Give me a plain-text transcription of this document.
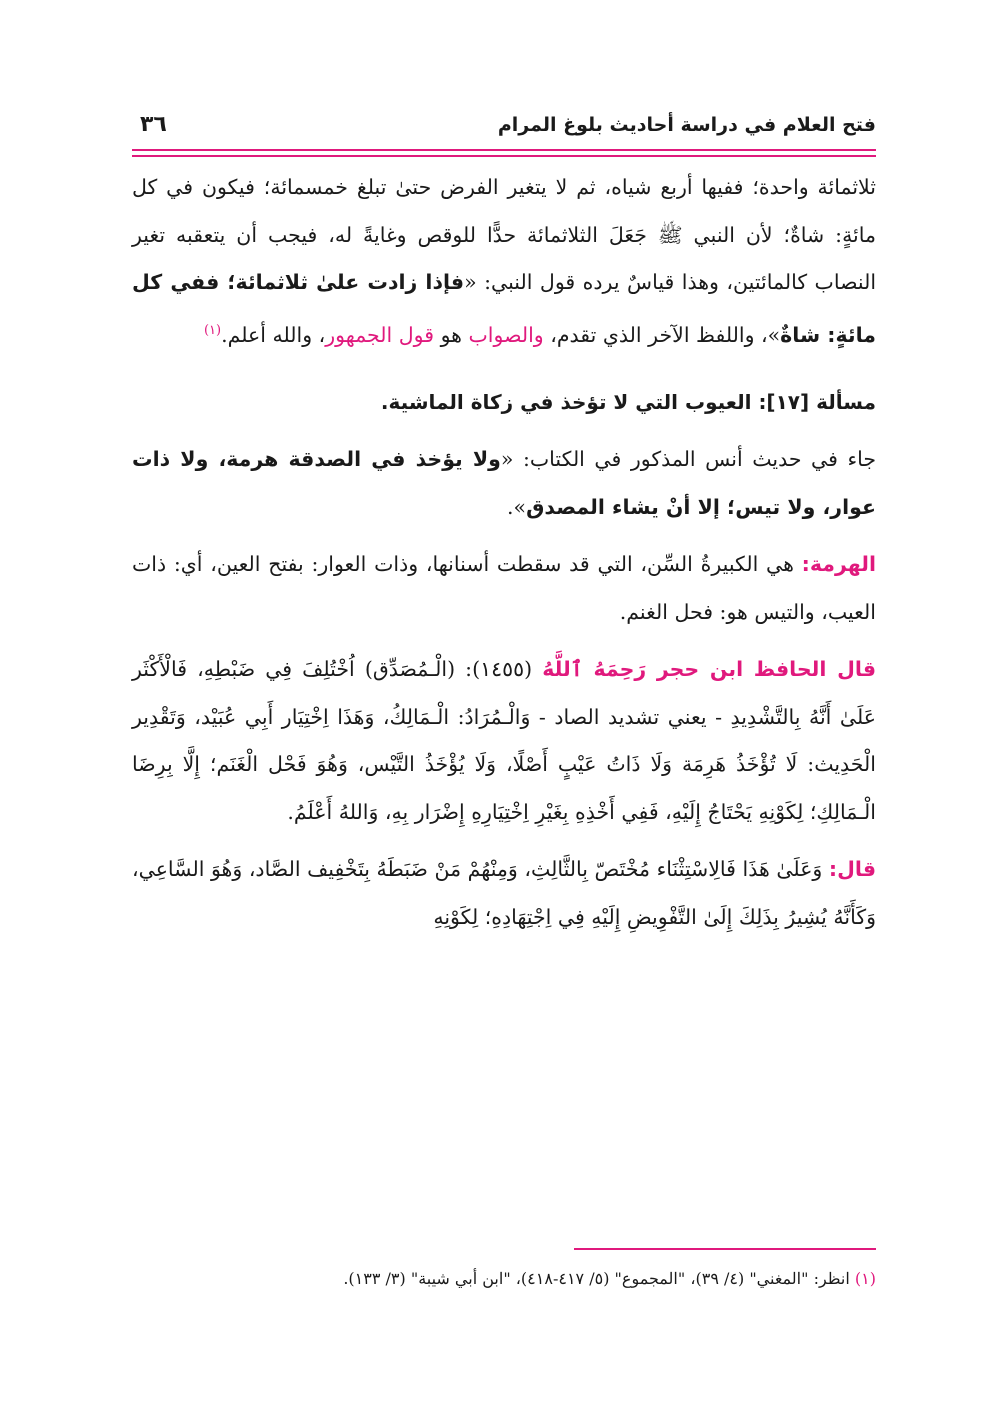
فتح العلام في دراسة أحاديث بلوغ المرام
٣٦

ثلاثمائة واحدة؛ ففيها أربع شياه، ثم لا يتغير الفرض حتىٰ تبلغ خمسمائة؛ فيكون في كل مائةٍ: شاةٌ؛ لأن النبي ﷺ جَعَلَ الثلاثمائة حدًّا للوقص وغايةً له، فيجب أن يتعقبه تغير النصاب كالمائتين، وهذا قياسٌ يرده قول النبي: «فإذا زادت علىٰ ثلاثمائة؛ ففي كل مائةٍ: شاةٌ»، واللفظ الآخر الذي تقدم، والصواب هو قول الجمهور، والله أعلم.$^{(١)}$

مسألة [١٧]: العيوب التي لا تؤخذ في زكاة الماشية.

جاء في حديث أنس المذكور في الكتاب: «ولا يؤخذ في الصدقة هرمة، ولا ذات عوار، ولا تيس؛ إلا أنْ يشاء المصدق».

الهرمة: هي الكبيرةُ السِّن، التي قد سقطت أسنانها، وذات العوار: بفتح العين، أي: ذات العيب، والتيس هو: فحل الغنم.

قال الحافظ ابن حجر رَحِمَهُ ٱللَّهُ (١٤٥٥): (الْـمُصَدِّق) اُخْتُلِفَ فِي ضَبْطِهِ، فَالْأَكْثَر عَلَىٰ أَنَّهُ بِالتَّشْدِيدِ - يعني تشديد الصاد - وَالْـمُرَادُ: الْـمَالِكُ، وَهَذَا اِخْتِيَار أَبِي عُبَيْد، وَتَقْدِير الْحَدِيث: لَا تُؤْخَذُ هَرِمَة وَلَا ذَاتُ عَيْبٍ أَصْلًا، وَلَا يُؤْخَذُ التَّيْس، وَهُوَ فَحْل الْغَنَم؛ إِلَّا بِرِضَا الْـمَالِكِ؛ لِكَوْنِهِ يَحْتَاجُ إِلَيْهِ، فَفِي أَخْذِهِ بِغَيْرِ اِخْتِيَارِهِ إِضْرَار بِهِ، وَاللهُ أَعْلَمُ.

قال: وَعَلَىٰ هَذَا فَالِاسْتِثْنَاء مُخْتَصّ بِالثَّالِثِ، وَمِنْهُمْ مَنْ ضَبَطَهُ بِتَخْفِيف الصَّاد، وَهُوَ السَّاعِي، وَكَأَنَّهُ يُشِيرُ بِذَلِكَ إِلَىٰ التَّفْوِيضِ إِلَيْهِ فِي اِجْتِهَادِهِ؛ لِكَوْنِهِ

(١) انظر: "المغني" (٤/ ٣٩)، "المجموع" (٥/ ٤١٧-٤١٨)، "ابن أبي شيبة" (٣/ ١٣٣).
